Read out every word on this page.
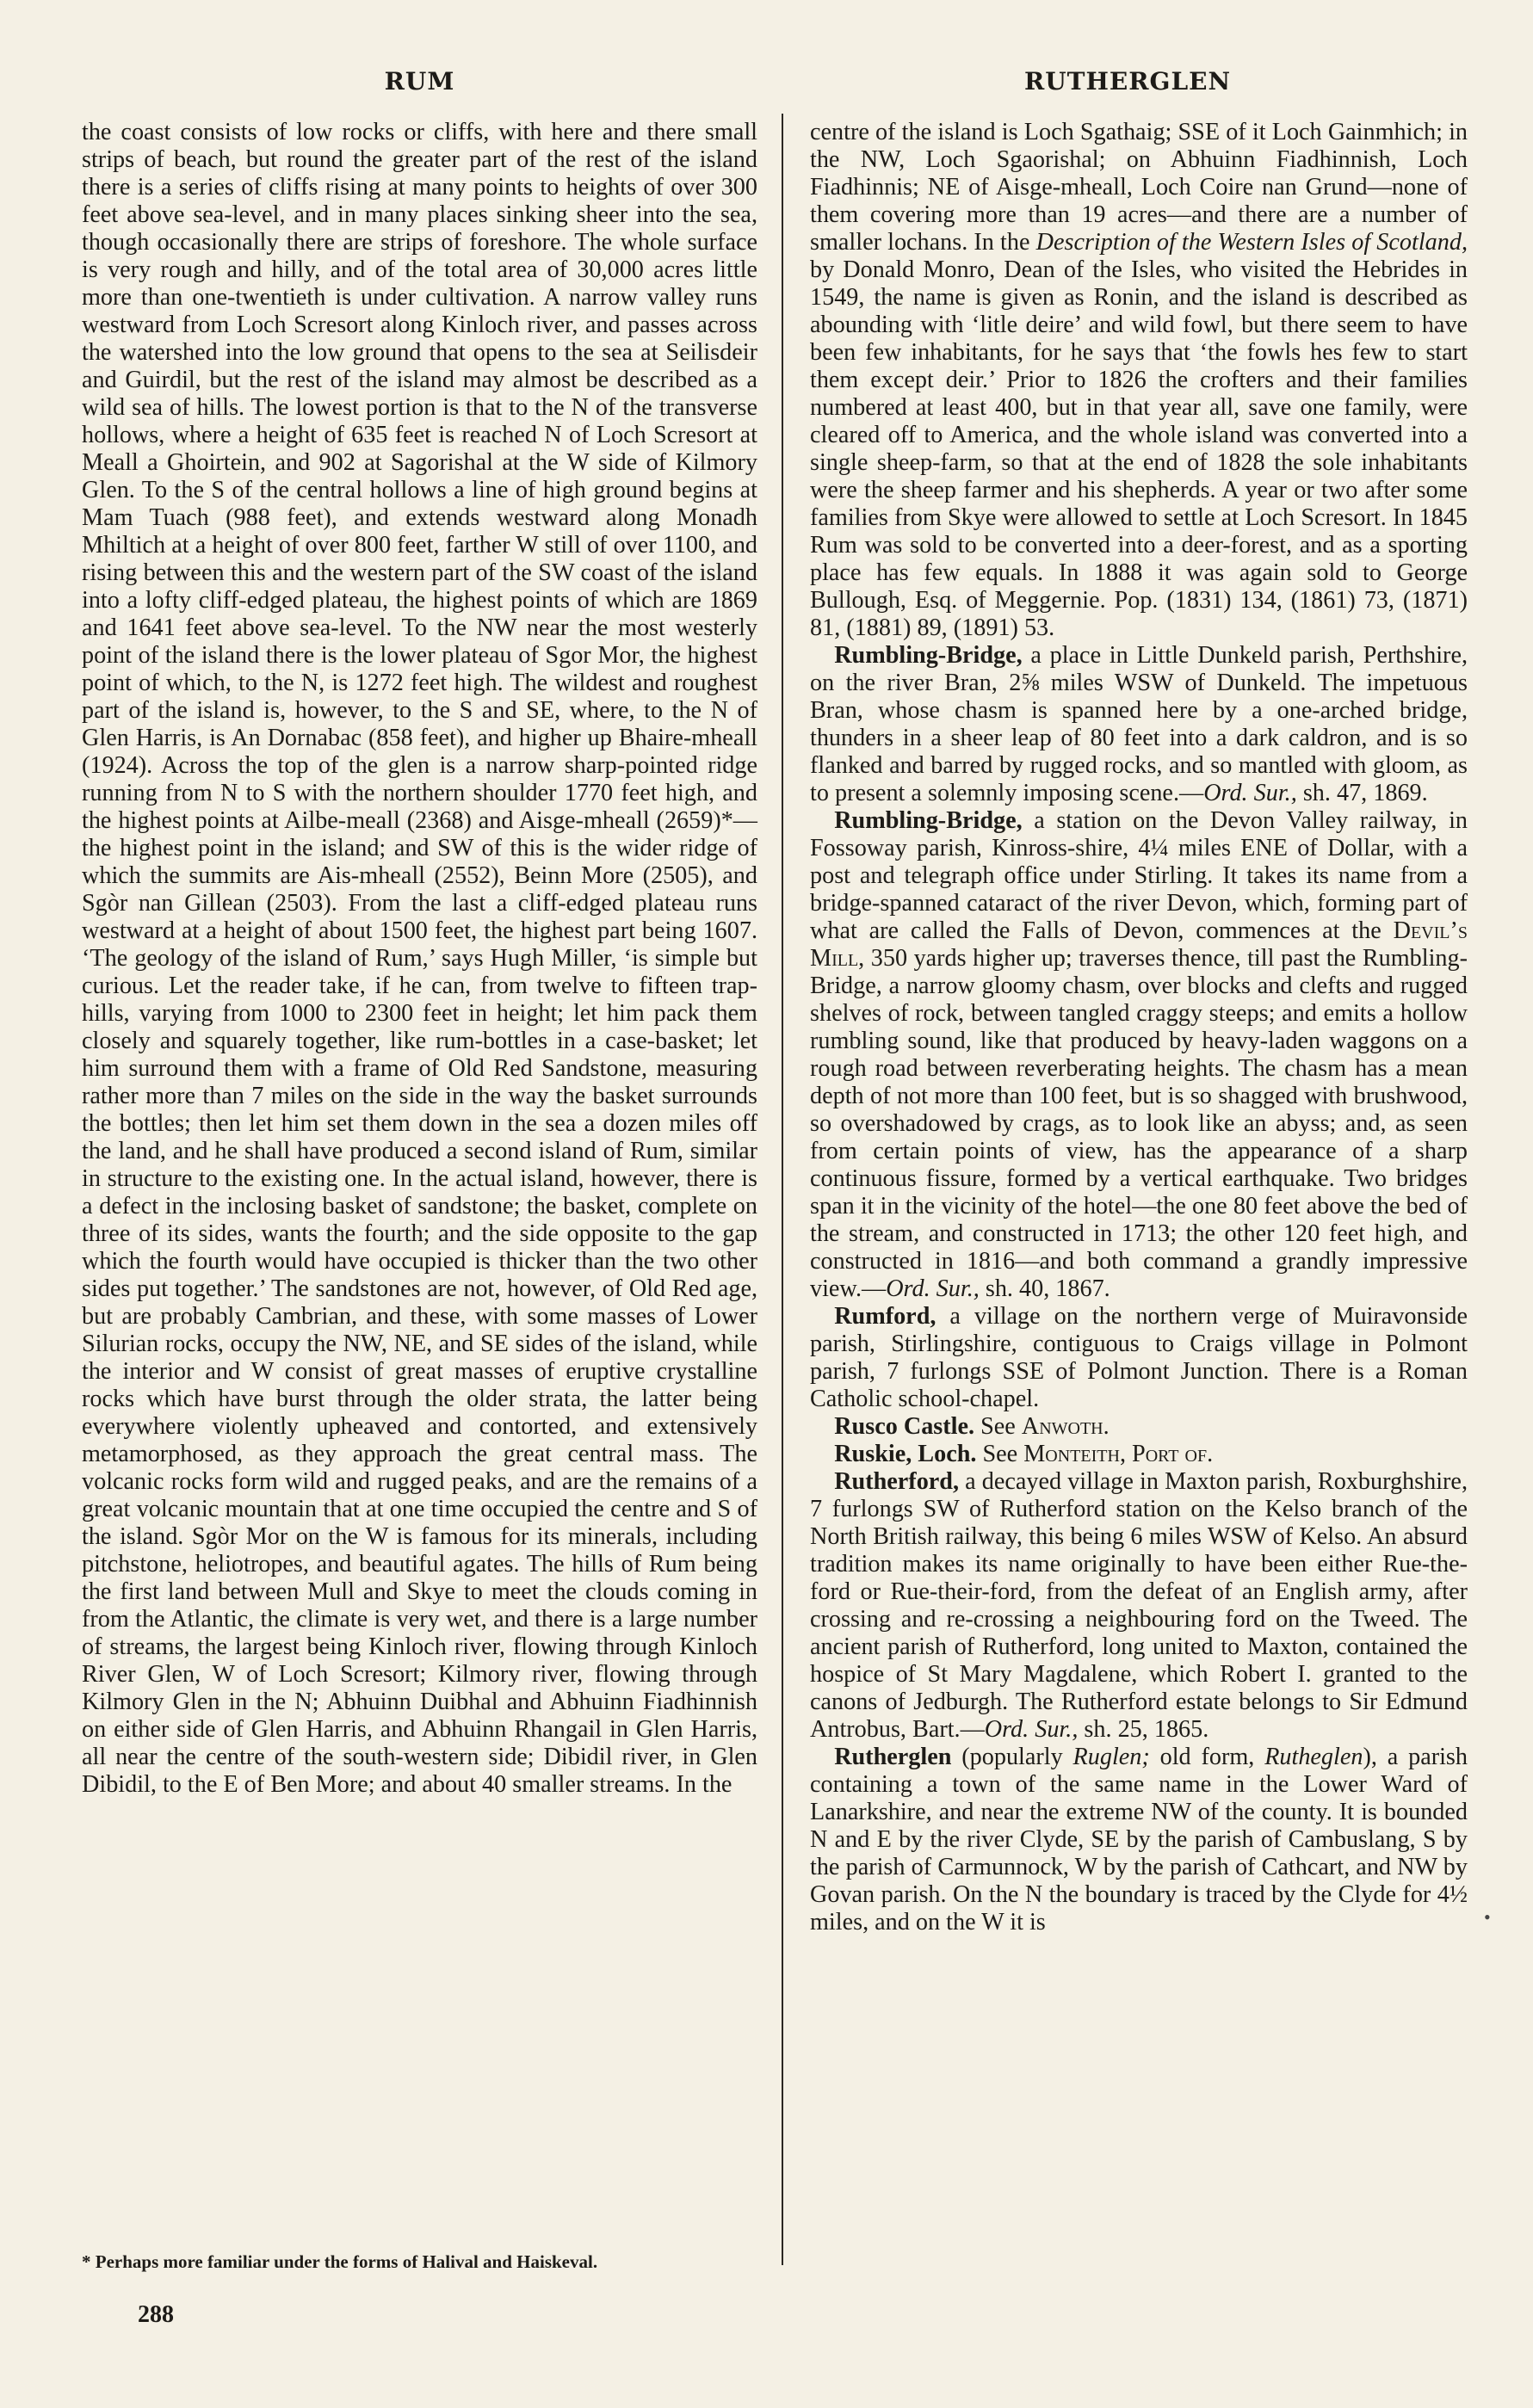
RUM	RUTHERGLEN

the coast consists of low rocks or cliffs, with here and there small strips of beach, but round the greater part of the rest of the island there is a series of cliffs rising at many points to heights of over 300 feet above sea-level, and in many places sinking sheer into the sea, though occasionally there are strips of foreshore. The whole surface is very rough and hilly, and of the total area of 30,000 acres little more than one-twentieth is under cultivation. A narrow valley runs westward from Loch Scresort along Kinloch river, and passes across the watershed into the low ground that opens to the sea at Seilisdeir and Guirdil, but the rest of the island may almost be described as a wild sea of hills. The lowest portion is that to the N of the transverse hollows, where a height of 635 feet is reached N of Loch Scresort at Meall a Ghoirtein, and 902 at Sagorishal at the W side of Kilmory Glen. To the S of the central hollows a line of high ground begins at Mam Tuach (988 feet), and extends westward along Monadh Mhiltich at a height of over 800 feet, farther W still of over 1100, and rising between this and the western part of the SW coast of the island into a lofty cliff-edged plateau, the highest points of which are 1869 and 1641 feet above sea-level. To the NW near the most westerly point of the island there is the lower plateau of Sgor Mor, the highest point of which, to the N, is 1272 feet high. The wildest and roughest part of the island is, however, to the S and SE, where, to the N of Glen Harris, is An Dornabac (858 feet), and higher up Bhaire-mheall (1924). Across the top of the glen is a narrow sharp-pointed ridge running from N to S with the northern shoulder 1770 feet high, and the highest points at Ailbe-meall (2368) and Aisge-mheall (2659)*—the highest point in the island; and SW of this is the wider ridge of which the summits are Ais-mheall (2552), Beinn More (2505), and Sgòr nan Gillean (2503). From the last a cliff-edged plateau runs westward at a height of about 1500 feet, the highest part being 1607. ‘The geology of the island of Rum,’ says Hugh Miller, ‘is simple but curious. Let the reader take, if he can, from twelve to fifteen trap-hills, varying from 1000 to 2300 feet in height; let him pack them closely and squarely together, like rum-bottles in a case-basket; let him surround them with a frame of Old Red Sandstone, measuring rather more than 7 miles on the side in the way the basket surrounds the bottles; then let him set them down in the sea a dozen miles off the land, and he shall have produced a second island of Rum, similar in structure to the existing one. In the actual island, however, there is a defect in the inclosing basket of sandstone; the basket, complete on three of its sides, wants the fourth; and the side opposite to the gap which the fourth would have occupied is thicker than the two other sides put together.’ The sandstones are not, however, of Old Red age, but are probably Cambrian, and these, with some masses of Lower Silurian rocks, occupy the NW, NE, and SE sides of the island, while the interior and W consist of great masses of eruptive crystalline rocks which have burst through the older strata, the latter being everywhere violently upheaved and contorted, and extensively metamorphosed, as they approach the great central mass. The volcanic rocks form wild and rugged peaks, and are the remains of a great volcanic mountain that at one time occupied the centre and S of the island. Sgòr Mor on the W is famous for its minerals, including pitchstone, heliotropes, and beautiful agates. The hills of Rum being the first land between Mull and Skye to meet the clouds coming in from the Atlantic, the climate is very wet, and there is a large number of streams, the largest being Kinloch river, flowing through Kinloch River Glen, W of Loch Scresort; Kilmory river, flowing through Kilmory Glen in the N; Abhuinn Duibhal and Abhuinn Fiadhinnish on either side of Glen Harris, and Abhuinn Rhangail in Glen Harris, all near the centre of the south-western side; Dibidil river, in Glen Dibidil, to the E of Ben More; and about 40 smaller streams. In the

centre of the island is Loch Sgathaig; SSE of it Loch Gainmhich; in the NW, Loch Sgaorishal; on Abhuinn Fiadhinnish, Loch Fiadhinnis; NE of Aisge-mheall, Loch Coire nan Grund—none of them covering more than 19 acres—and there are a number of smaller lochans. In the Description of the Western Isles of Scotland, by Donald Monro, Dean of the Isles, who visited the Hebrides in 1549, the name is given as Ronin, and the island is described as abounding with ‘litle deire’ and wild fowl, but there seem to have been few inhabitants, for he says that ‘the fowls hes few to start them except deir.’ Prior to 1826 the crofters and their families numbered at least 400, but in that year all, save one family, were cleared off to America, and the whole island was converted into a single sheep-farm, so that at the end of 1828 the sole inhabitants were the sheep farmer and his shepherds. A year or two after some families from Skye were allowed to settle at Loch Scresort. In 1845 Rum was sold to be converted into a deer-forest, and as a sporting place has few equals. In 1888 it was again sold to George Bullough, Esq. of Meggernie. Pop. (1831) 134, (1861) 73, (1871) 81, (1881) 89, (1891) 53.

 Rumbling-Bridge, a place in Little Dunkeld parish, Perthshire, on the river Bran, 2⅝ miles WSW of Dunkeld. The impetuous Bran, whose chasm is spanned here by a one-arched bridge, thunders in a sheer leap of 80 feet into a dark caldron, and is so flanked and barred by rugged rocks, and so mantled with gloom, as to present a solemnly imposing scene.—Ord. Sur., sh. 47, 1869.

 Rumbling-Bridge, a station on the Devon Valley railway, in Fossoway parish, Kinross-shire, 4¼ miles ENE of Dollar, with a post and telegraph office under Stirling. It takes its name from a bridge-spanned cataract of the river Devon, which, forming part of what are called the Falls of Devon, commences at the Devil’s Mill, 350 yards higher up; traverses thence, till past the Rumbling-Bridge, a narrow gloomy chasm, over blocks and clefts and rugged shelves of rock, between tangled craggy steeps; and emits a hollow rumbling sound, like that produced by heavy-laden waggons on a rough road between reverberating heights. The chasm has a mean depth of not more than 100 feet, but is so shagged with brushwood, so overshadowed by crags, as to look like an abyss; and, as seen from certain points of view, has the appearance of a sharp continuous fissure, formed by a vertical earthquake. Two bridges span it in the vicinity of the hotel—the one 80 feet above the bed of the stream, and constructed in 1713; the other 120 feet high, and constructed in 1816—and both command a grandly impressive view.—Ord. Sur., sh. 40, 1867.

 Rumford, a village on the northern verge of Muiravonside parish, Stirlingshire, contiguous to Craigs village in Polmont parish, 7 furlongs SSE of Polmont Junction. There is a Roman Catholic school-chapel.

 Rusco Castle. See Anwoth.

 Ruskie, Loch. See Monteith, Port of.

 Rutherford, a decayed village in Maxton parish, Roxburghshire, 7 furlongs SW of Rutherford station on the Kelso branch of the North British railway, this being 6 miles WSW of Kelso. An absurd tradition makes its name originally to have been either Rue-the-ford or Rue-their-ford, from the defeat of an English army, after crossing and re-crossing a neighbouring ford on the Tweed. The ancient parish of Rutherford, long united to Maxton, contained the hospice of St Mary Magdalene, which Robert I. granted to the canons of Jedburgh. The Rutherford estate belongs to Sir Edmund Antrobus, Bart.—Ord. Sur., sh. 25, 1865.

 Rutherglen (popularly Ruglen; old form, Rutheglen), a parish containing a town of the same name in the Lower Ward of Lanarkshire, and near the extreme NW of the county. It is bounded N and E by the river Clyde, SE by the parish of Cambuslang, S by the parish of Carmunnock, W by the parish of Cathcart, and NW by Govan parish. On the N the boundary is traced by the Clyde for 4½ miles, and on the W it is

* Perhaps more familiar under the forms of Halival and Haiskeval.
288
•
